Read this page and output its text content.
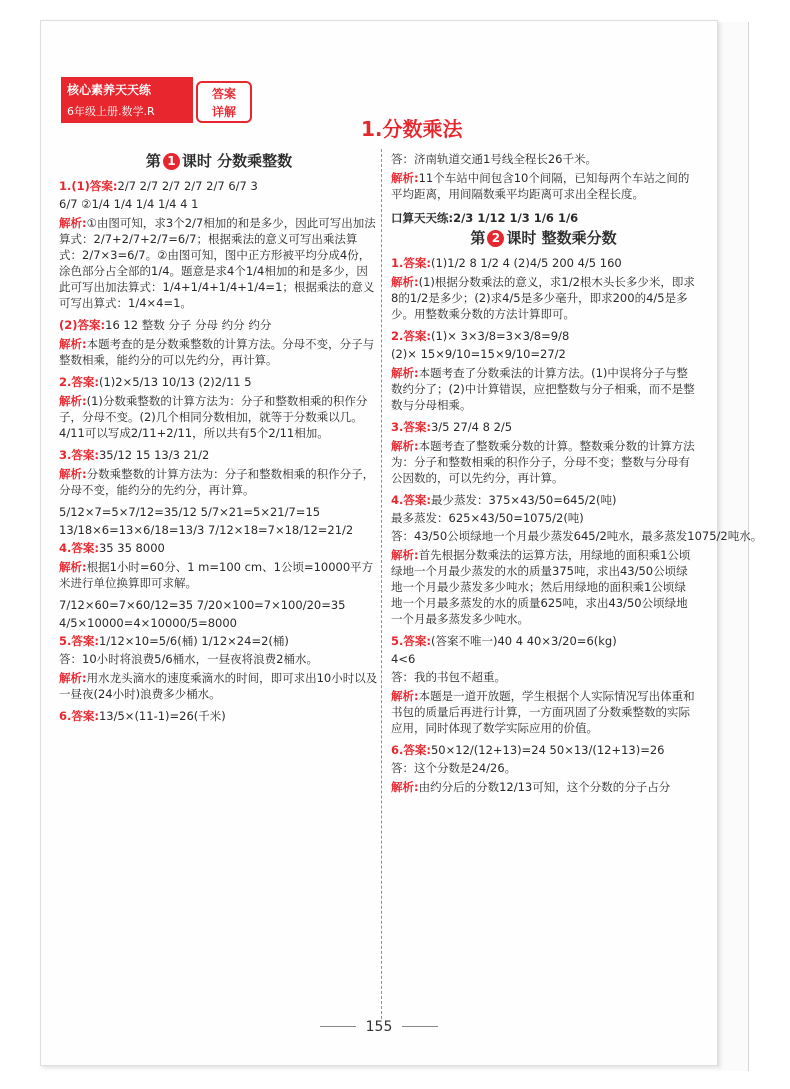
核心素养天天练
6年级上册.数学.R
答案
详解
1.分数乘法
第 1 课时 分数乘整数
1.(1)答案:2/7 2/7 2/7 2/7 2/7 6/7 3
6/7 ②1/4 1/4 1/4 1/4 4 1
解析:①由图可知，求3个2/7相加的和是多少，因此可写出加法算式：2/7+2/7+2/7=6/7；根据乘法的意义可写出乘法算式：2/7×3=6/7。②由图可知，图中正方形被平均分成4份，涂色部分占全部的1/4。题意是求4个1/4相加的和是多少，因此可写出加法算式：1/4+1/4+1/4+1/4=1；根据乘法的意义可写出算式：1/4×4=1。
(2)答案:16 12 整数 分子 分母 约分 约分
解析:本题考查的是分数乘整数的计算方法。分母不变，分子与整数相乘，能约分的可以先约分，再计算。
2.答案:(1)2×5/13 10/13 (2)2/11 5
解析:(1)分数乘整数的计算方法为：分子和整数相乘的积作分子，分母不变。(2)几个相同分数相加，就等于分数乘以几。4/11可以写成2/11+2/11，所以共有5个2/11相加。
3.答案:35/12 15 13/3 21/2
解析:分数乘整数的计算方法为：分子和整数相乘的积作分子，分母不变，能约分的先约分，再计算。
5/12×7=5×7/12=35/12 5/7×21=5×21/7=15
13/18×6=13×6/18=13/3 7/12×18=7×18/12=21/2
4.答案:35 35 8000
解析:根据1小时=60分、1 m=100 cm、1公顷=10000平方米进行单位换算即可求解。
7/12×60=7×60/12=35 7/20×100=7×100/20=35
4/5×10000=4×10000/5=8000
5.答案:1/12×10=5/6(桶) 1/12×24=2(桶)
答：10小时将浪费5/6桶水，一昼夜将浪费2桶水。
解析:用水龙头滴水的速度乘滴水的时间，即可求出10小时以及一昼夜(24小时)浪费多少桶水。
6.答案:13/5×(11-1)=26(千米)
答：济南轨道交通1号线全程长26千米。
解析:11个车站中间包含10个间隔，已知每两个车站之间的平均距离，用间隔数乘平均距离可求出全程长度。
口算天天练:2/3 1/12 1/3 1/6 1/6
第 2 课时 整数乘分数
1.答案:(1)1/2 8 1/2 4 (2)4/5 200 4/5 160
解析:(1)根据分数乘法的意义，求1/2根木头长多少米，即求8的1/2是多少；(2)求4/5是多少毫升，即求200的4/5是多少。用整数乘分数的方法计算即可。
2.答案:(1)× 3×3/8=3×3/8=9/8
(2)× 15×9/10=15×9/10=27/2
解析:本题考查了分数乘法的计算方法。(1)中误将分子与整数约分了；(2)中计算错误，应把整数与分子相乘，而不是整数与分母相乘。
3.答案:3/5 27/4 8 2/5
解析:本题考查了整数乘分数的计算。整数乘分数的计算方法为：分子和整数相乘的积作分子，分母不变；整数与分母有公因数的，可以先约分，再计算。
4.答案:最少蒸发：375×43/50=645/2(吨)
最多蒸发：625×43/50=1075/2(吨)
答：43/50公顷绿地一个月最少蒸发645/2吨水，最多蒸发1075/2吨水。
解析:首先根据分数乘法的运算方法，用绿地的面积乘1公顷绿地一个月最少蒸发的水的质量375吨，求出43/50公顷绿地一个月最少蒸发多少吨水；然后用绿地的面积乘1公顷绿地一个月最多蒸发的水的质量625吨，求出43/50公顷绿地一个月最多蒸发多少吨水。
5.答案:(答案不唯一)40 4 40×3/20=6(kg)
4<6
答：我的书包不超重。
解析:本题是一道开放题，学生根据个人实际情况写出体重和书包的质量后再进行计算，一方面巩固了分数乘整数的实际应用，同时体现了数学实际应用的价值。
6.答案:50×12/(12+13)=24 50×13/(12+13)=26
答：这个分数是24/26。
解析:由约分后的分数12/13可知，这个分数的分子占分
155
